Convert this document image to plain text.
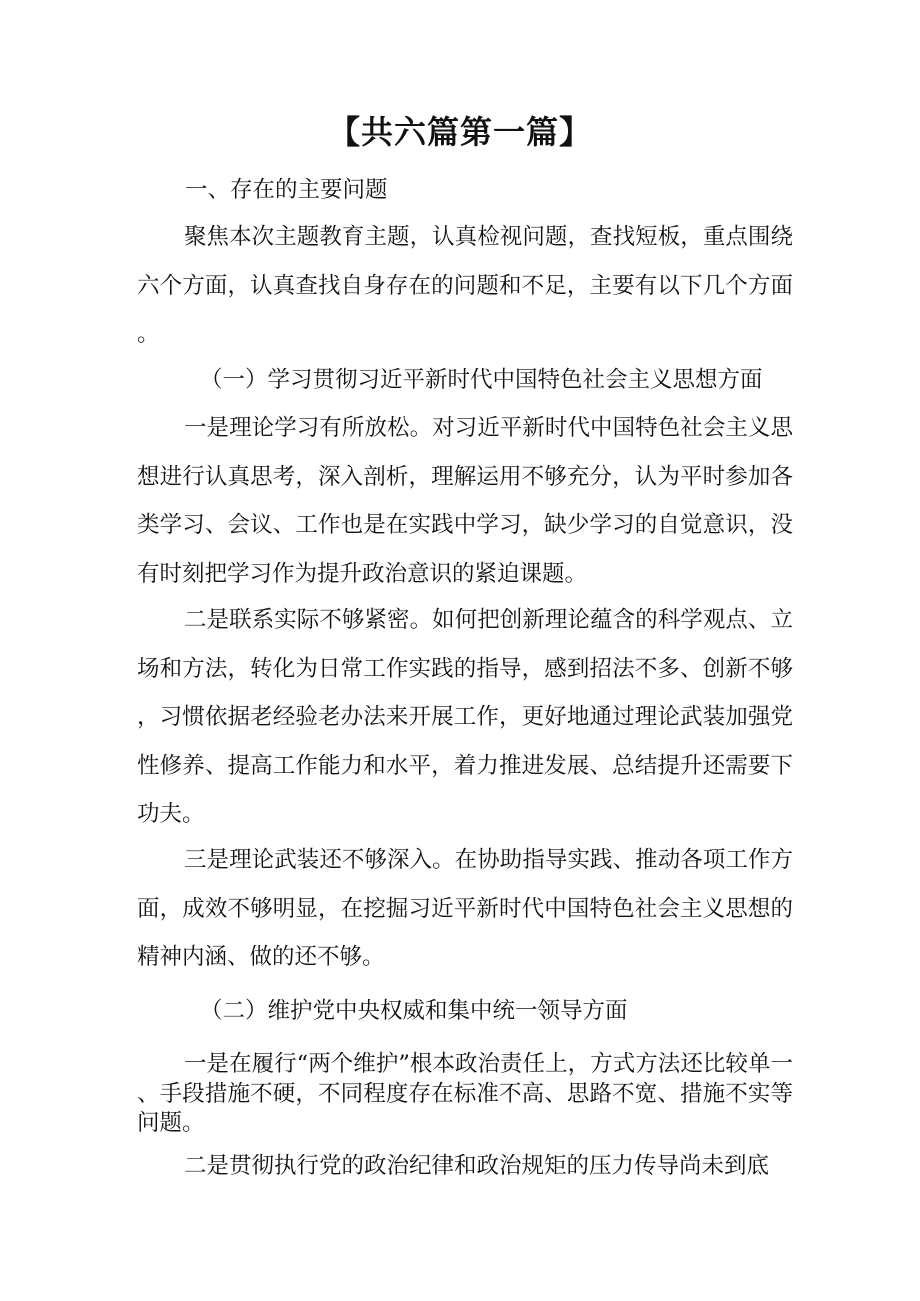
【共六篇第一篇】

一、存在的主要问题

聚焦本次主题教育主题，认真检视问题，查找短板，重点围绕六个方面，认真查找自身存在的问题和不足，主要有以下几个方面。

（一）学习贯彻习近平新时代中国特色社会主义思想方面

一是理论学习有所放松。对习近平新时代中国特色社会主义思想进行认真思考，深入剖析，理解运用不够充分，认为平时参加各类学习、会议、工作也是在实践中学习，缺少学习的自觉意识，没有时刻把学习作为提升政治意识的紧迫课题。

二是联系实际不够紧密。如何把创新理论蕴含的科学观点、立场和方法，转化为日常工作实践的指导，感到招法不多、创新不够，习惯依据老经验老办法来开展工作，更好地通过理论武装加强党性修养、提高工作能力和水平，着力推进发展、总结提升还需要下功夫。

三是理论武装还不够深入。在协助指导实践、推动各项工作方面，成效不够明显，在挖掘习近平新时代中国特色社会主义思想的精神内涵、做的还不够。

（二）维护党中央权威和集中统一领导方面

一是在履行“两个维护”根本政治责任上，方式方法还比较单一、手段措施不硬，不同程度存在标准不高、思路不宽、措施不实等问题。

二是贯彻执行党的政治纪律和政治规矩的压力传导尚未到底
